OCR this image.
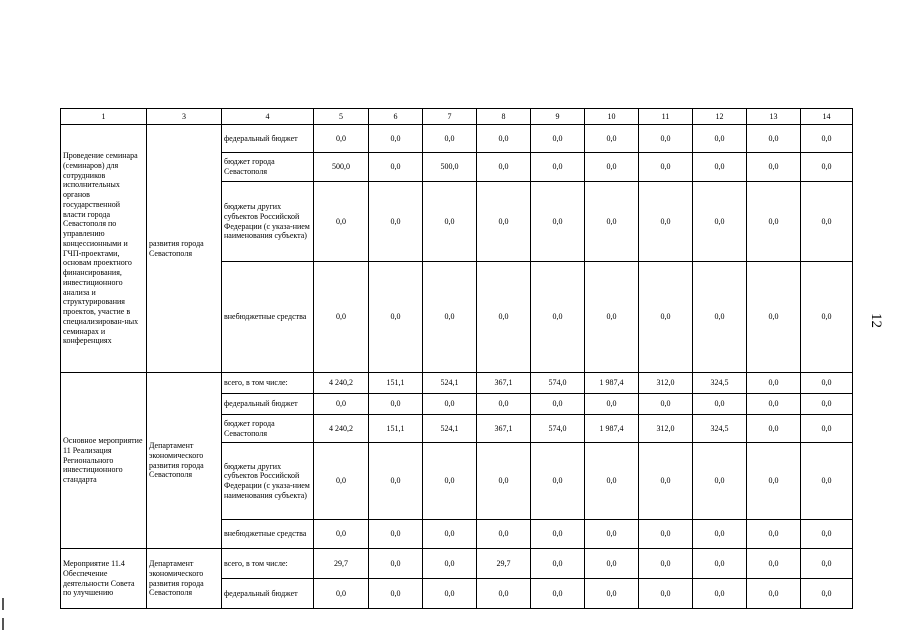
12
1	3	4	5	6	7	8	9	10	11	12	13	14
Проведение семинара (семинаров) для сотрудников исполнительных органов государственной власти города Севастополя по управлению концессионными и ГЧП-проектами, основам проектного финансирования, инвестиционного анализа и структурирования проектов, участие в специализирован-ных семинарах и конференциях	развития города Севастополя	федеральный бюджет	0,0	0,0	0,0	0,0	0,0	0,0	0,0	0,0	0,0	0,0
		бюджет города Севастополя	500,0	0,0	500,0	0,0	0,0	0,0	0,0	0,0	0,0	0,0
		бюджеты других субъектов Российской Федерации (с указа-нием наименования субъекта)	0,0	0,0	0,0	0,0	0,0	0,0	0,0	0,0	0,0	0,0
		внебюджетные средства	0,0	0,0	0,0	0,0	0,0	0,0	0,0	0,0	0,0	0,0
Основное мероприятие 11 Реализация Регионального инвестиционного стандарта	Департамент экономического развития города Севастополя	всего, в том числе:	4 240,2	151,1	524,1	367,1	574,0	1 987,4	312,0	324,5	0,0	0,0
		федеральный бюджет	0,0	0,0	0,0	0,0	0,0	0,0	0,0	0,0	0,0	0,0
		бюджет города Севастополя	4 240,2	151,1	524,1	367,1	574,0	1 987,4	312,0	324,5	0,0	0,0
		бюджеты других субъектов Российской Федерации (с указа-нием наименования субъекта)	0,0	0,0	0,0	0,0	0,0	0,0	0,0	0,0	0,0	0,0
		внебюджетные средства	0,0	0,0	0,0	0,0	0,0	0,0	0,0	0,0	0,0	0,0
Мероприятие 11.4 Обеспечение деятельности Совета по улучшению	Департамент экономического развития города Севастополя	всего, в том числе:	29,7	0,0	0,0	29,7	0,0	0,0	0,0	0,0	0,0	0,0
		федеральный бюджет	0,0	0,0	0,0	0,0	0,0	0,0	0,0	0,0	0,0	0,0
